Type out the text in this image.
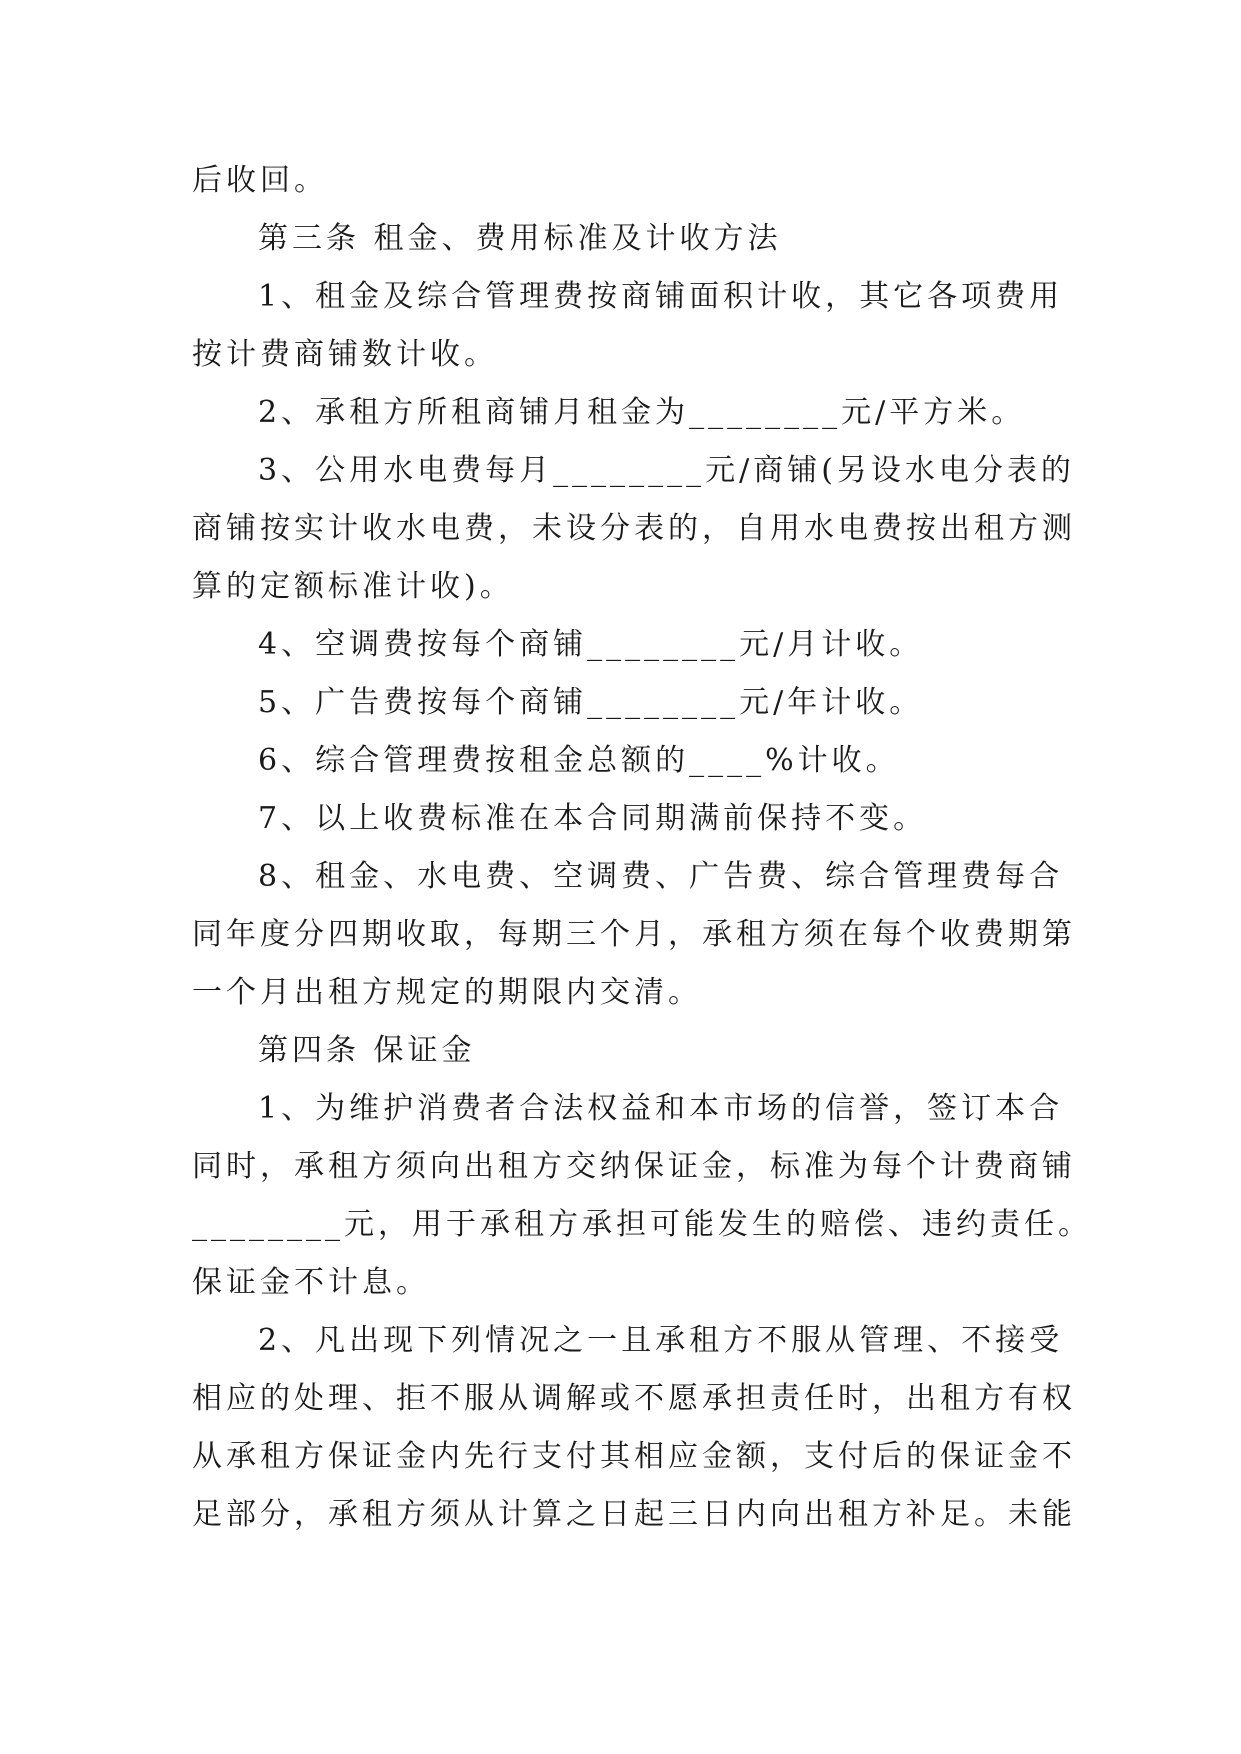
后收回。
第三条 租金、费用标准及计收方法
1、租金及综合管理费按商铺面积计收，其它各项费用
按计费商铺数计收。
2、承租方所租商铺月租金为________元/平方米。
3、公用水电费每月________元/商铺(另设水电分表的
商铺按实计收水电费，未设分表的，自用水电费按出租方测
算的定额标准计收)。
4、空调费按每个商铺________元/月计收。
5、广告费按每个商铺________元/年计收。
6、综合管理费按租金总额的____%计收。
7、以上收费标准在本合同期满前保持不变。
8、租金、水电费、空调费、广告费、综合管理费每合
同年度分四期收取，每期三个月，承租方须在每个收费期第
一个月出租方规定的期限内交清。
第四条 保证金
1、为维护消费者合法权益和本市场的信誉，签订本合
同时，承租方须向出租方交纳保证金，标准为每个计费商铺
________元，用于承租方承担可能发生的赔偿、违约责任。
保证金不计息。
2、凡出现下列情况之一且承租方不服从管理、不接受
相应的处理、拒不服从调解或不愿承担责任时，出租方有权
从承租方保证金内先行支付其相应金额，支付后的保证金不
足部分，承租方须从计算之日起三日内向出租方补足。未能
